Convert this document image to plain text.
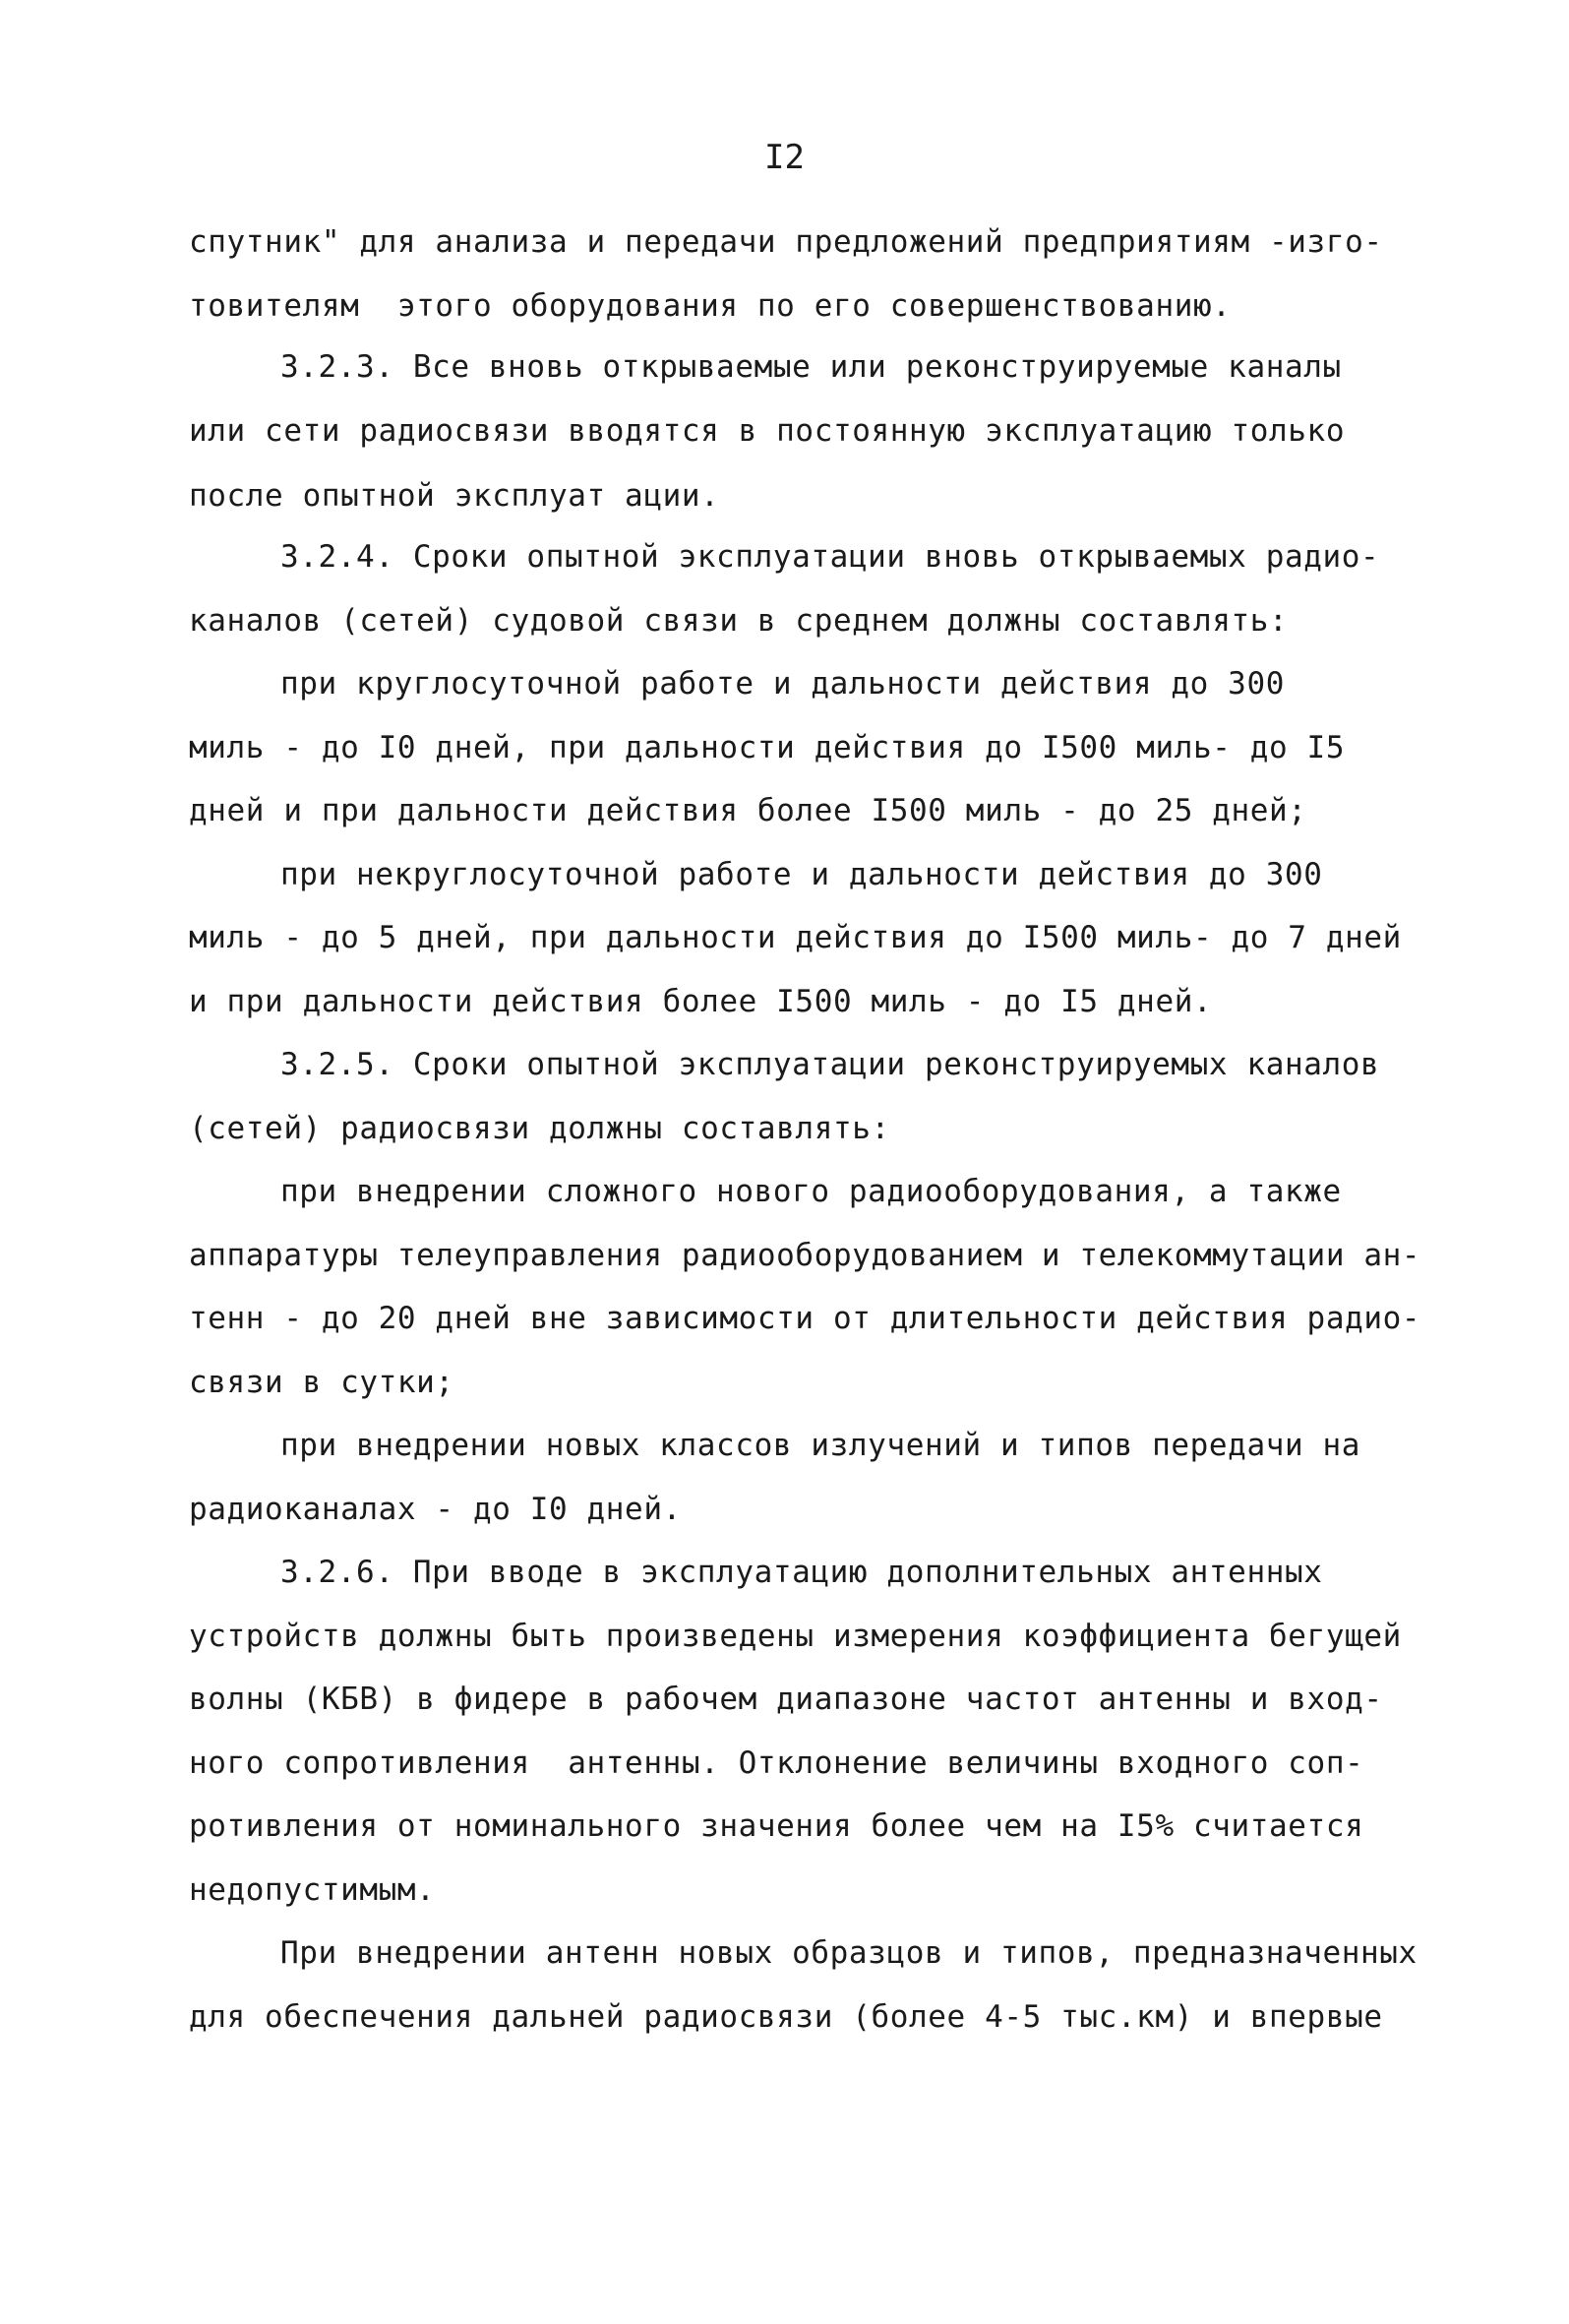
I2
спутник" для анализа и передачи предложений предприятиям -изго-
товителям  этого оборудования по его совершенствованию.
3.2.3. Все вновь открываемые или реконструируемые каналы
или сети радиосвязи вводятся в постоянную эксплуатацию только
после опытной эксплуат ации.
3.2.4. Сроки опытной эксплуатации вновь открываемых радио-
каналов (сетей) судовой связи в среднем должны составлять:
при круглосуточной работе и дальности действия до 300
миль - до I0 дней, при дальности действия до I500 миль- до I5
дней и при дальности действия более I500 миль - до 25 дней;
при некруглосуточной работе и дальности действия до 300
миль - до 5 дней, при дальности действия до I500 миль- до 7 дней
и при дальности действия более I500 миль - до I5 дней.
3.2.5. Сроки опытной эксплуатации реконструируемых каналов
(сетей) радиосвязи должны составлять:
при внедрении сложного нового радиооборудования, а также
аппаратуры телеуправления радиооборудованием и телекоммутации ан-
тенн - до 20 дней вне зависимости от длительности действия радио-
связи в сутки;
при внедрении новых классов излучений и типов передачи на
радиоканалах - до I0 дней.
3.2.6. При вводе в эксплуатацию дополнительных антенных
устройств должны быть произведены измерения коэффициента бегущей
волны (КБВ) в фидере в рабочем диапазоне частот антенны и вход-
ного сопротивления  антенны. Отклонение величины входного соп-
ротивления от номинального значения более чем на I5% считается
недопустимым.
При внедрении антенн новых образцов и типов, предназначенных
для обеспечения дальней радиосвязи (более 4-5 тыс.км) и впервые
